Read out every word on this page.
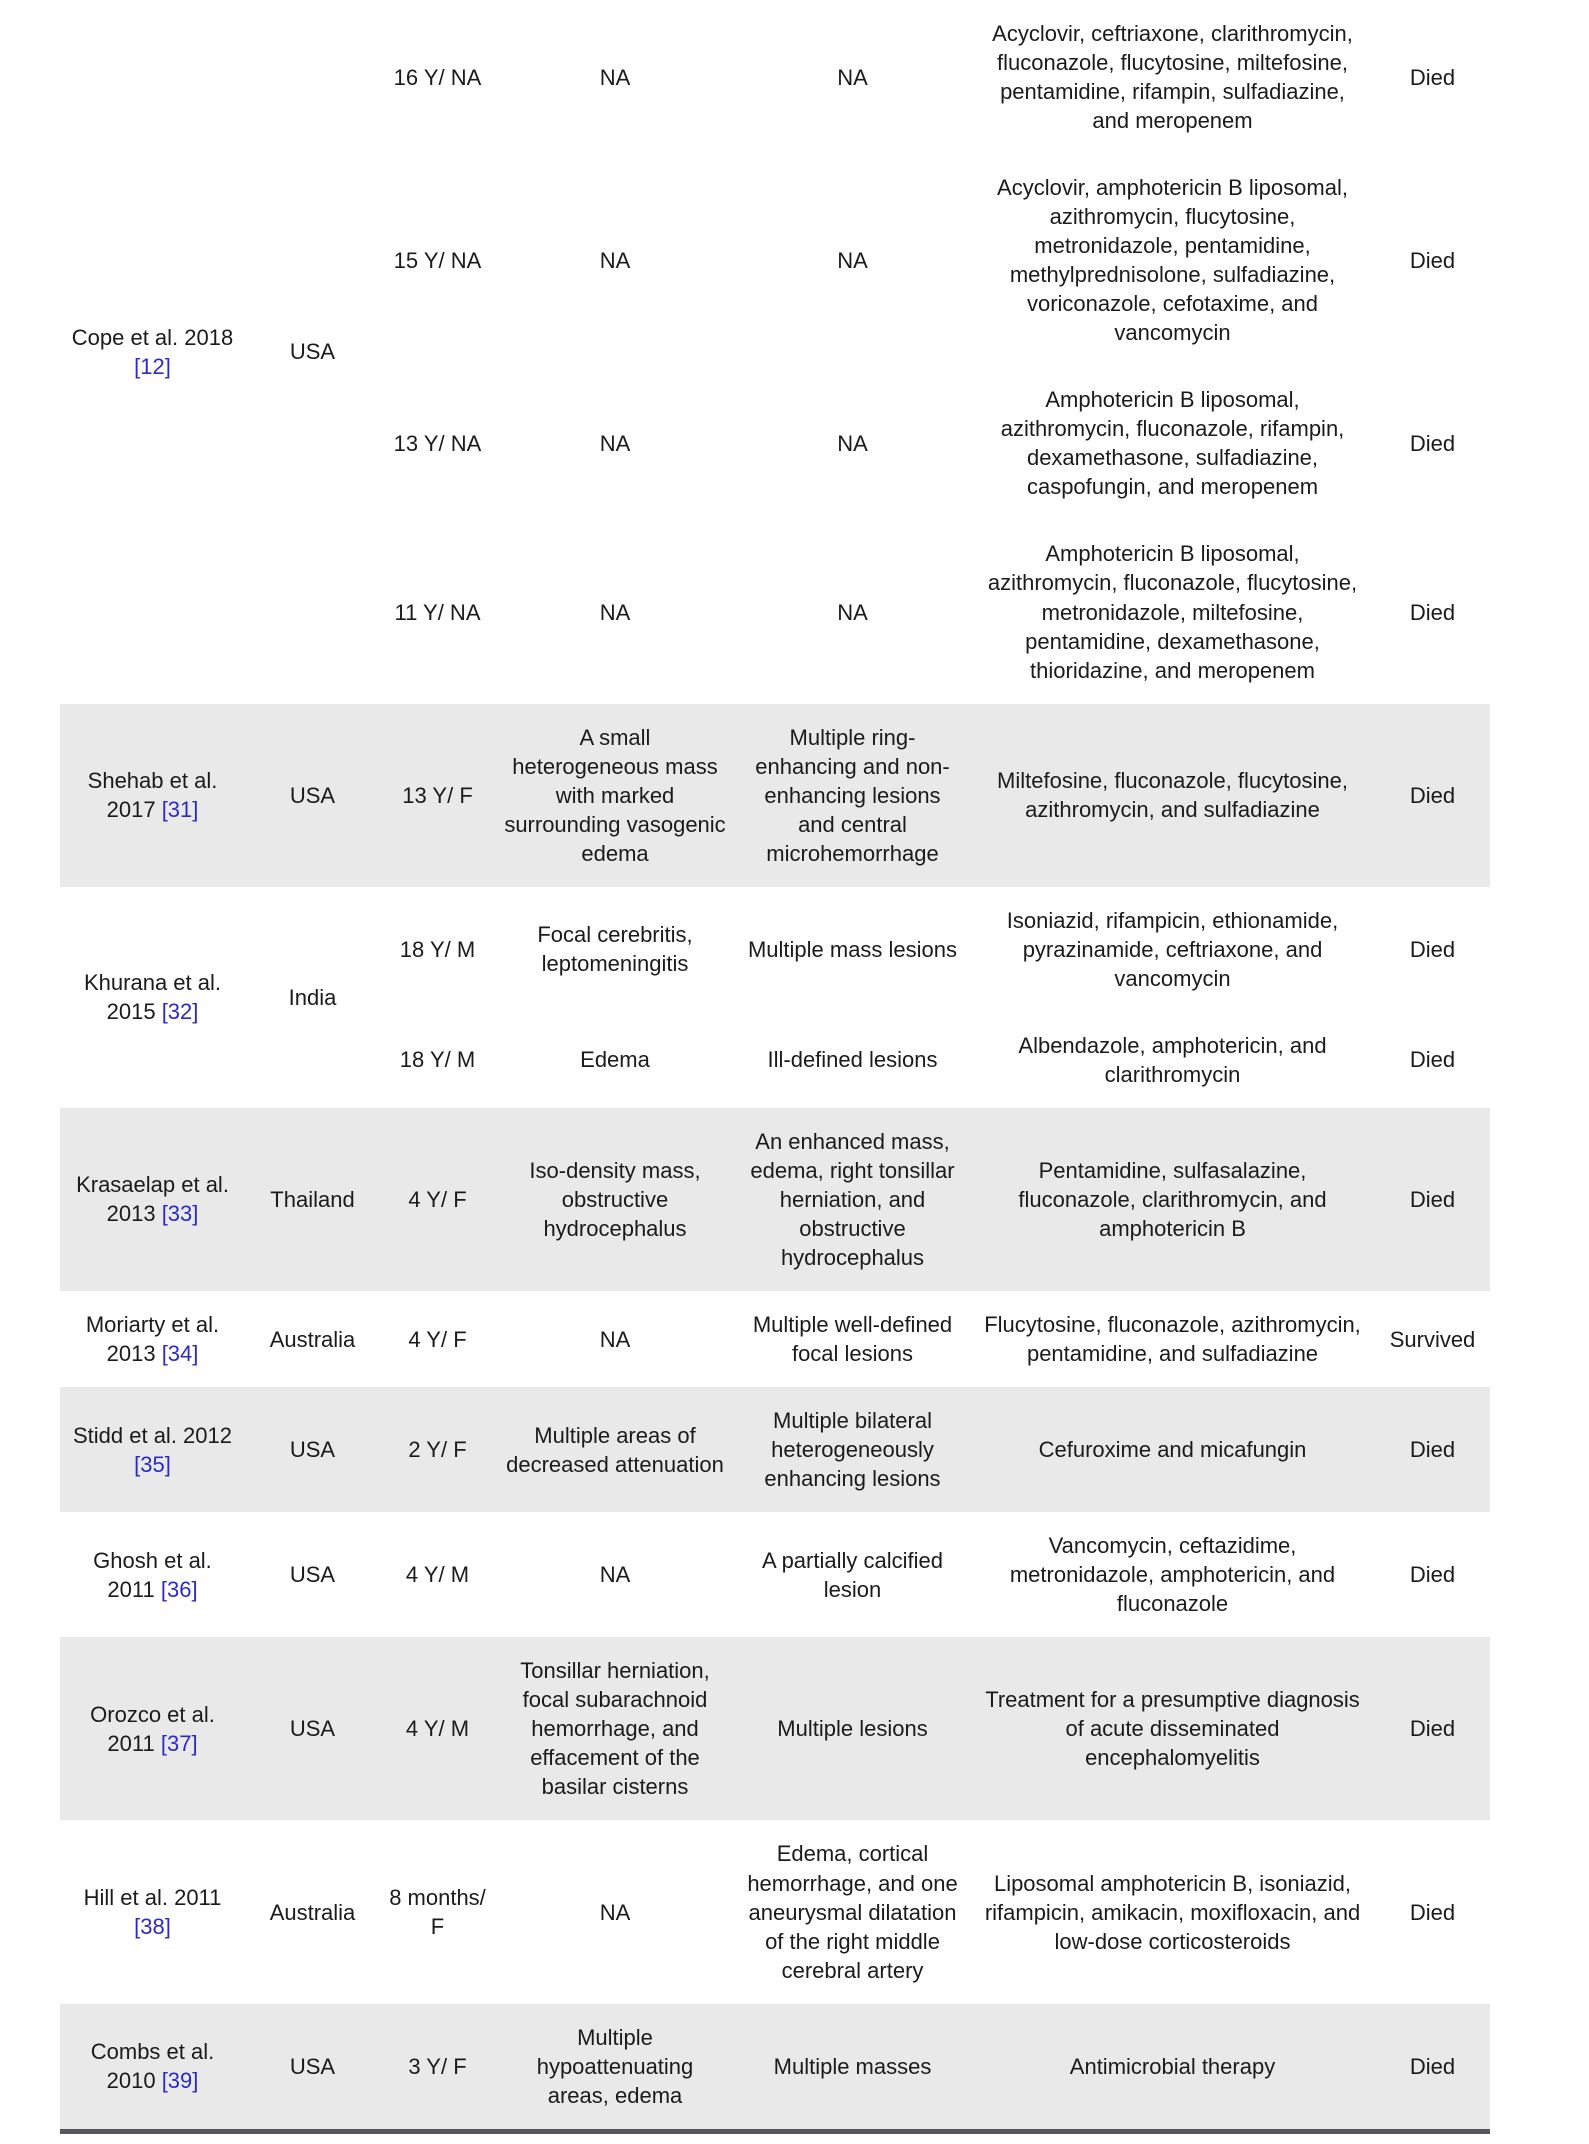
Cope et al. 2018 [12]	USA	16 Y/ NA	NA	NA	Acyclovir, ceftriaxone, clarithromycin, fluconazole, flucytosine, miltefosine, pentamidine, rifampin, sulfadiazine, and meropenem	Died
		15 Y/ NA	NA	NA	Acyclovir, amphotericin B liposomal, azithromycin, flucytosine, metronidazole, pentamidine, methylprednisolone, sulfadiazine, voriconazole, cefotaxime, and vancomycin	Died
		13 Y/ NA	NA	NA	Amphotericin B liposomal, azithromycin, fluconazole, rifampin, dexamethasone, sulfadiazine, caspofungin, and meropenem	Died
		11 Y/ NA	NA	NA	Amphotericin B liposomal, azithromycin, fluconazole, flucytosine, metronidazole, miltefosine, pentamidine, dexamethasone, thioridazine, and meropenem	Died
Shehab et al. 2017 [31]	USA	13 Y/ F	A small heterogeneous mass with marked surrounding vasogenic edema	Multiple ring-enhancing and non-enhancing lesions and central microhemorrhage	Miltefosine, fluconazole, flucytosine, azithromycin, and sulfadiazine	Died
Khurana et al. 2015 [32]	India	18 Y/ M	Focal cerebritis, leptomeningitis	Multiple mass lesions	Isoniazid, rifampicin, ethionamide, pyrazinamide, ceftriaxone, and vancomycin	Died
		18 Y/ M	Edema	Ill-defined lesions	Albendazole, amphotericin, and clarithromycin	Died
Krasaelap et al. 2013 [33]	Thailand	4 Y/ F	Iso-density mass, obstructive hydrocephalus	An enhanced mass, edema, right tonsillar herniation, and obstructive hydrocephalus	Pentamidine, sulfasalazine, fluconazole, clarithromycin, and amphotericin B	Died
Moriarty et al. 2013 [34]	Australia	4 Y/ F	NA	Multiple well-defined focal lesions	Flucytosine, fluconazole, azithromycin, pentamidine, and sulfadiazine	Survived
Stidd et al. 2012 [35]	USA	2 Y/ F	Multiple areas of decreased attenuation	Multiple bilateral heterogeneously enhancing lesions	Cefuroxime and micafungin	Died
Ghosh et al. 2011 [36]	USA	4 Y/ M	NA	A partially calcified lesion	Vancomycin, ceftazidime, metronidazole, amphotericin, and fluconazole	Died
Orozco et al. 2011 [37]	USA	4 Y/ M	Tonsillar herniation, focal subarachnoid hemorrhage, and effacement of the basilar cisterns	Multiple lesions	Treatment for a presumptive diagnosis of acute disseminated encephalomyelitis	Died
Hill et al. 2011 [38]	Australia	8 months/ F	NA	Edema, cortical hemorrhage, and one aneurysmal dilatation of the right middle cerebral artery	Liposomal amphotericin B, isoniazid, rifampicin, amikacin, moxifloxacin, and low-dose corticosteroids	Died
Combs et al. 2010 [39]	USA	3 Y/ F	Multiple hypoattenuating areas, edema	Multiple masses	Antimicrobial therapy	Died
